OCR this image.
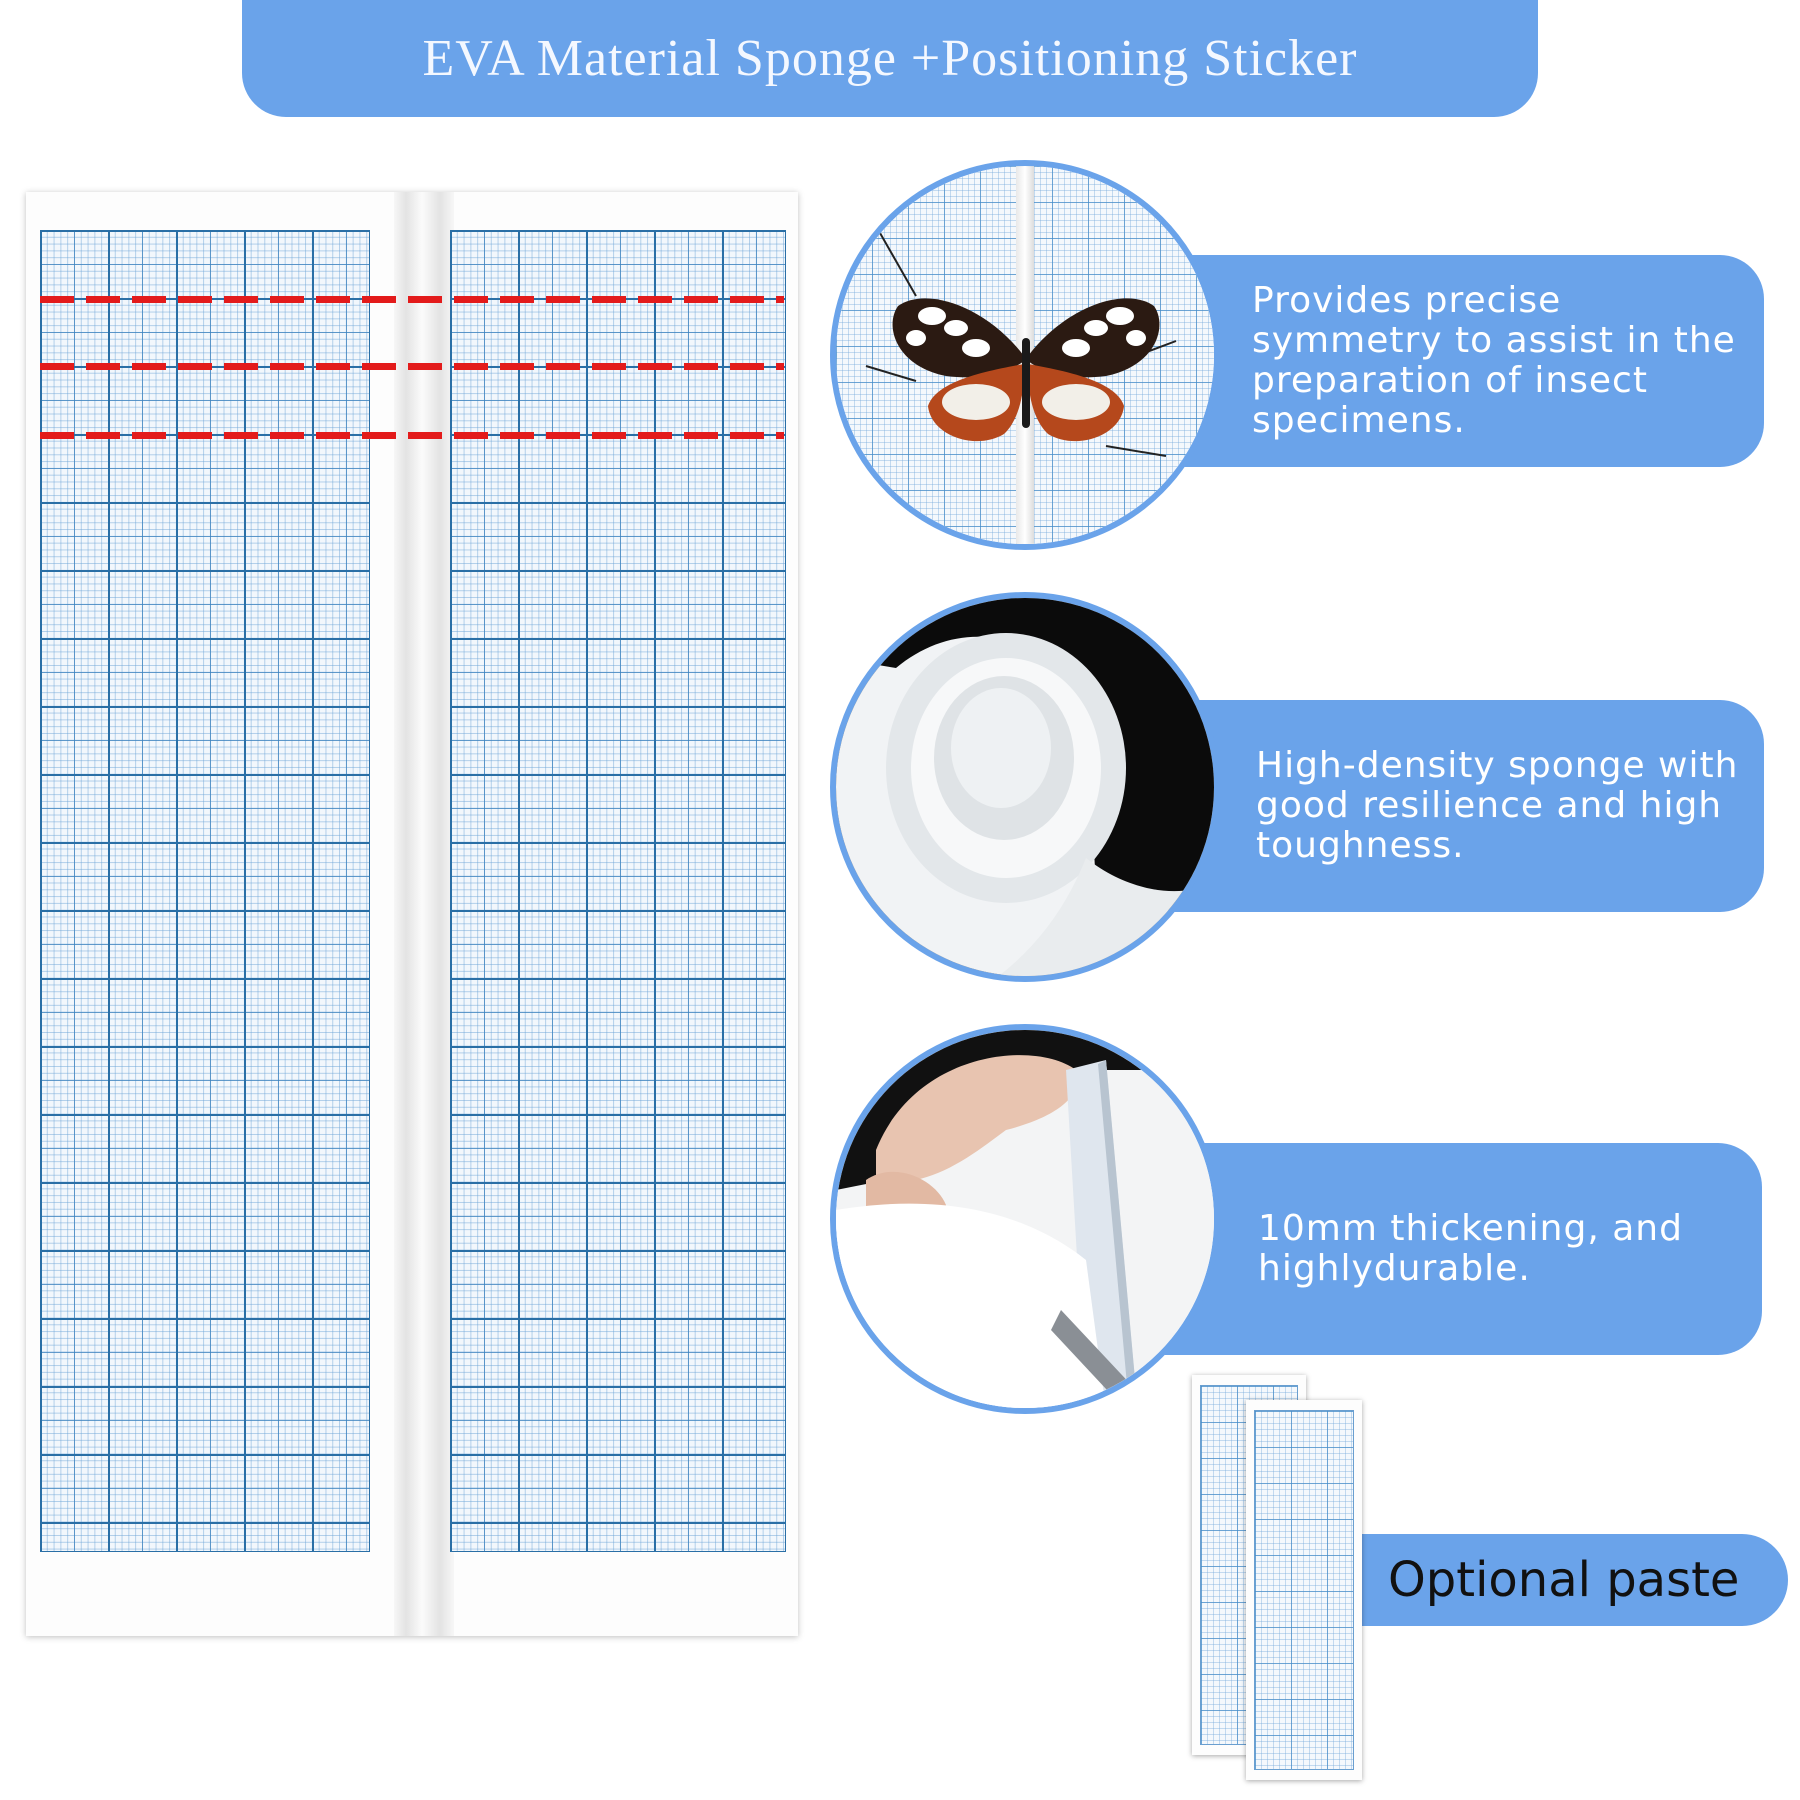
EVA Material Sponge +Positioning Sticker
Provides precise symmetry to assist in the preparation of insect specimens.
High-density sponge with good resilience and high toughness.
10mm thickening, and highlydurable.
Optional paste
